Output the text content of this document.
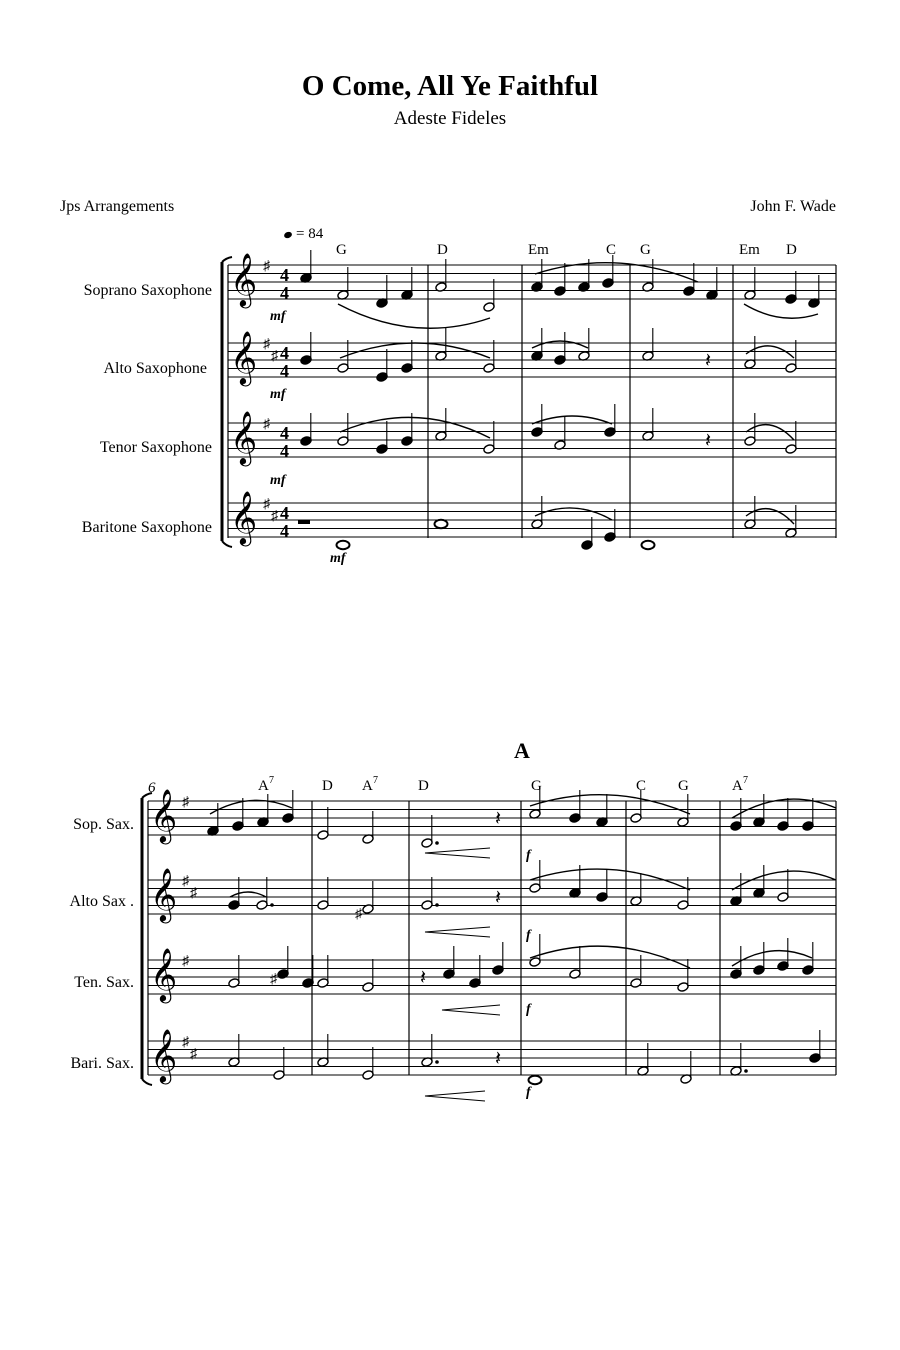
O Come, All Ye Faithful
Adeste Fideles
Jps Arrangements	John F. Wade
𝄞 ♯ 4
4
𝄞 ♯
♯ 4
4
𝄞 ♯ 4
4
𝄞 ♯
♯ 4
4
𝄽
𝄽
𝄞 ♯
𝄞 ♯
♯
𝄞 ♯
𝄞 ♯
♯
𝄽
♯
𝄽
♯	𝄽
𝄽
= 84
Soprano Saxophone
Alto Saxophone
Tenor Saxophone
Baritone Saxophone
G	D	Em	C G	Em D
mf
mf
mf
mf
Sop. Sax.
Alto Sax .
Ten. Sax.
Bari. Sax.
6
A
A 7	D A 7	D	G	C G	A 7
f
f
f
f
